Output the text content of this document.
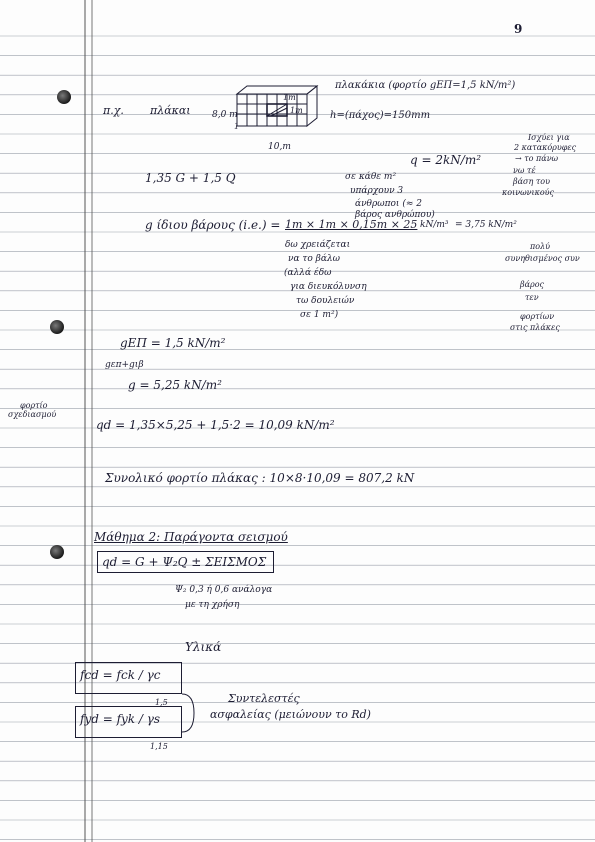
9
π.χ. πλάκαι 8,0 m
1m
1m
1
10,m
πλακάκια (φορτίο gEΠ=1,5 kN/m²)
h=(πάχος)=150mm
1,35 G + 1,5 Q
q = 2kN/m²
σε κάθε m²
υπάρχουν 3
άνθρωποι (≈ 2
βάρος ανθρώπου)
Ισχύει για
2 κατακόρυφες
→ το πάνω
νω τέ
βάση του
κοινωνικούς
g ίδιου βάρους (i.e.) = 1m × 1m × 0,15m × 25 kN/m³ = 3,75 kN/m²
δω χρειάζεται
να το βάλω
(αλλά έδω
για διευκόλυνση
τω δουλειών
σε 1 m²)
πολύ
συνηθισμένος συν
βάρος
τεν
φορτίων
στις πλάκες
gΕΠ = 1,5 kN/m²
gεπ+gιβ
g = 5,25 kN/m²
φορτίο
σχεδιασμού
qd = 1,35×5,25 + 1,5·2 = 10,09 kN/m²
Συνολικό φορτίο πλάκας : 10×8·10,09 = 807,2 kN
Μάθημα 2: Παράγοντα σεισμού
qd = G + Ψ₂Q ± ΣΕΙΣΜΟΣ
Ψ₂ 0,3 ή 0,6 ανάλογα
με τη χρήση
Υλικά
fcd = fck / γc
1,5
fyd = fyk / γs
1,15
Συντελεστές
ασφαλείας (μειώνουν το Rd)
